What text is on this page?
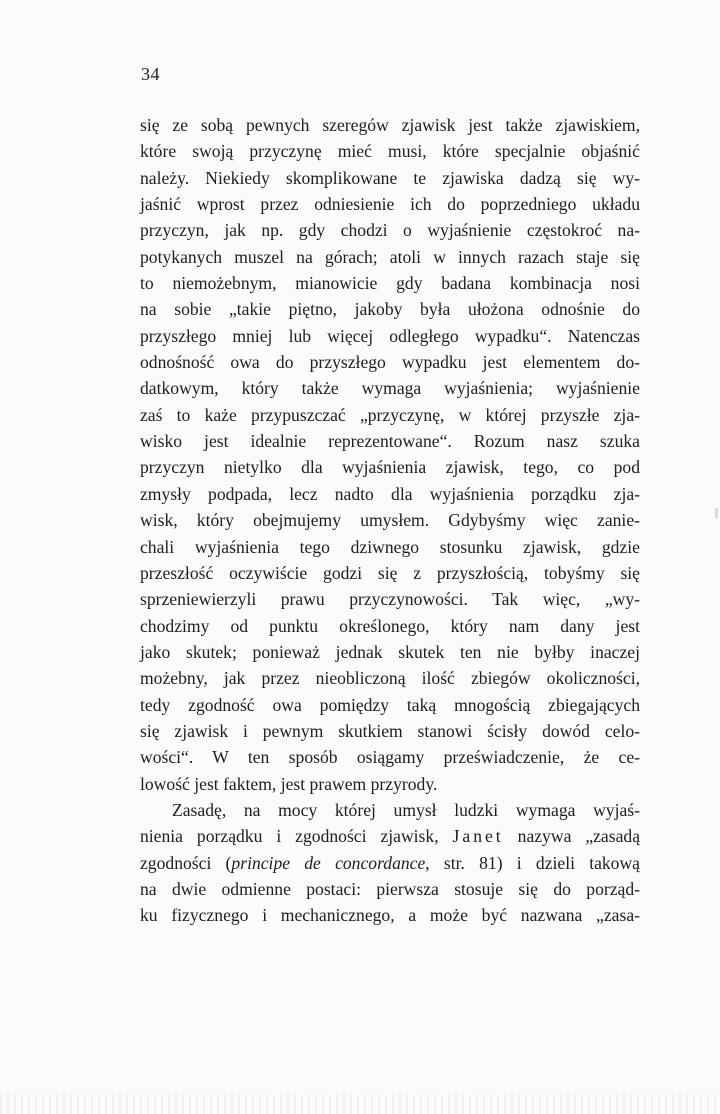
34
się ze sobą pewnych szeregów zjawisk jest także zjawiskiem,
które swoją przyczynę mieć musi, które specjalnie objaśnić
należy. Niekiedy skomplikowane te zjawiska dadzą się wy-
jaśnić wprost przez odniesienie ich do poprzedniego układu
przyczyn, jak np. gdy chodzi o wyjaśnienie częstokroć na-
potykanych muszel na górach; atoli w innych razach staje się
to niemożebnym, mianowicie gdy badana kombinacja nosi
na sobie „takie piętno, jakoby była ułożona odnośnie do
przyszłego mniej lub więcej odległego wypadku“. Natenczas
odnośność owa do przyszłego wypadku jest elementem do-
datkowym, który także wymaga wyjaśnienia; wyjaśnienie
zaś to każe przypuszczać „przyczynę, w której przyszłe zja-
wisko jest idealnie reprezentowane“. Rozum nasz szuka
przyczyn nietylko dla wyjaśnienia zjawisk, tego, co pod
zmysły podpada, lecz nadto dla wyjaśnienia porządku zja-
wisk, który obejmujemy umysłem. Gdybyśmy więc zanie-
chali wyjaśnienia tego dziwnego stosunku zjawisk, gdzie
przeszłość oczywiście godzi się z przyszłością, tobyśmy się
sprzeniewierzyli prawu przyczynowości. Tak więc, „wy-
chodzimy od punktu określonego, który nam dany jest
jako skutek; ponieważ jednak skutek ten nie byłby inaczej
możebny, jak przez nieobliczoną ilość zbiegów okoliczności,
tedy zgodność owa pomiędzy taką mnogością zbiegających
się zjawisk i pewnym skutkiem stanowi ścisły dowód celo-
wości“. W ten sposób osiągamy przeświadczenie, że ce-
lowość jest faktem, jest prawem przyrody.
Zasadę, na mocy której umysł ludzki wymaga wyjaś-
nienia porządku i zgodności zjawisk, Janet nazywa „zasadą
zgodności (principe de concordance, str. 81) i dzieli takową
na dwie odmienne postaci: pierwsza stosuje się do porząd-
ku fizycznego i mechanicznego, a może być nazwana „zasa-
